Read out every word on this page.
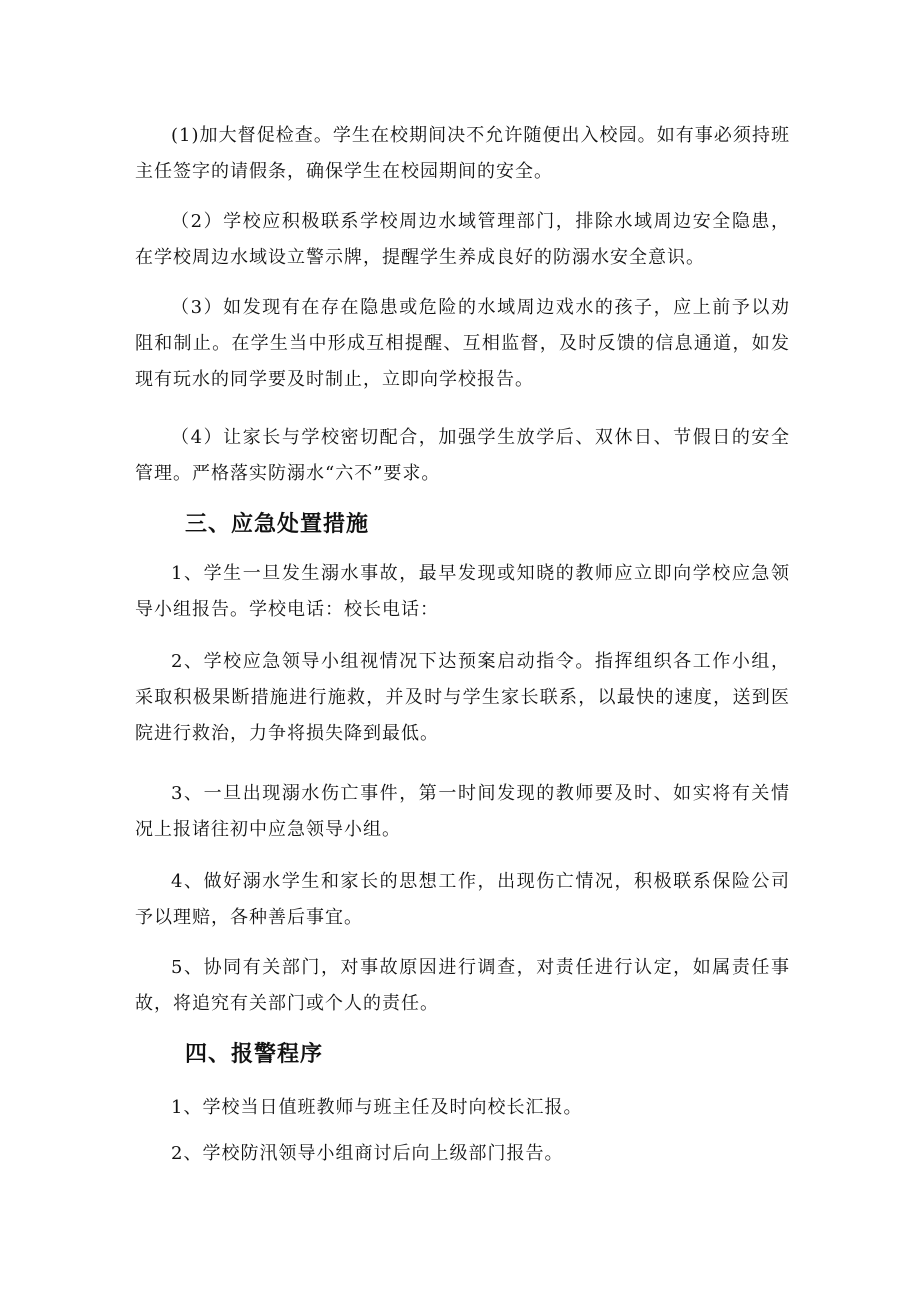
(1)加大督促检查。学生在校期间决不允许随便出入校园。如有事必须持班主任签字的请假条，确保学生在校园期间的安全。

（2）学校应积极联系学校周边水域管理部门，排除水域周边安全隐患，在学校周边水域设立警示牌，提醒学生养成良好的防溺水安全意识。

（3）如发现有在存在隐患或危险的水域周边戏水的孩子，应上前予以劝阻和制止。在学生当中形成互相提醒、互相监督，及时反馈的信息通道，如发现有玩水的同学要及时制止，立即向学校报告。

（4）让家长与学校密切配合，加强学生放学后、双休日、节假日的安全管理。严格落实防溺水“六不”要求。

三、应急处置措施

1、学生一旦发生溺水事故，最早发现或知晓的教师应立即向学校应急领导小组报告。学校电话：校长电话：

2、学校应急领导小组视情况下达预案启动指令。指挥组织各工作小组，采取积极果断措施进行施救，并及时与学生家长联系，以最快的速度，送到医院进行救治，力争将损失降到最低。

3、一旦出现溺水伤亡事件，第一时间发现的教师要及时、如实将有关情况上报诸往初中应急领导小组。

4、做好溺水学生和家长的思想工作，出现伤亡情况，积极联系保险公司予以理赔，各种善后事宜。

5、协同有关部门，对事故原因进行调查，对责任进行认定，如属责任事故，将追究有关部门或个人的责任。

四、报警程序

1、学校当日值班教师与班主任及时向校长汇报。

2、学校防汛领导小组商讨后向上级部门报告。
